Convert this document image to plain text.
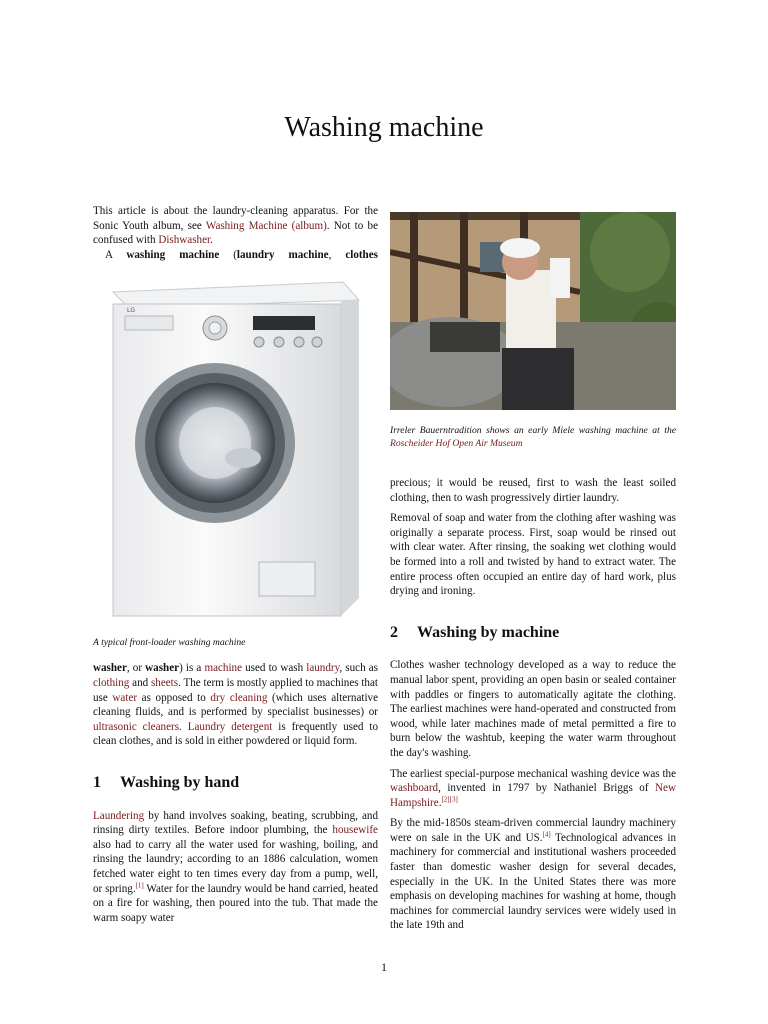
Washing machine

This article is about the laundry-cleaning apparatus. For the Sonic Youth album, see Washing Machine (album). Not to be confused with Dishwasher.

A washing machine (laundry machine, clothes

LG

A typical front-loader washing machine

washer, or washer) is a machine used to wash laundry, such as clothing and sheets. The term is mostly applied to machines that use water as opposed to dry cleaning (which uses alternative cleaning fluids, and is performed by specialist businesses) or ultrasonic cleaners. Laundry detergent is frequently used to clean clothes, and is sold in either powdered or liquid form.

1 Washing by hand

Laundering by hand involves soaking, beating, scrubbing, and rinsing dirty textiles. Before indoor plumbing, the housewife also had to carry all the water used for washing, boiling, and rinsing the laundry; according to an 1886 calculation, women fetched water eight to ten times every day from a pump, well, or spring.[1] Water for the laundry would be hand carried, heated on a fire for washing, then poured into the tub. That made the warm soapy water

Irreler Bauerntradition shows an early Miele washing machine at the Roscheider Hof Open Air Museum

precious; it would be reused, first to wash the least soiled clothing, then to wash progressively dirtier laundry.

Removal of soap and water from the clothing after washing was originally a separate process. First, soap would be rinsed out with clear water. After rinsing, the soaking wet clothing would be formed into a roll and twisted by hand to extract water. The entire process often occupied an entire day of hard work, plus drying and ironing.

2 Washing by machine

Clothes washer technology developed as a way to reduce the manual labor spent, providing an open basin or sealed container with paddles or fingers to automatically agitate the clothing. The earliest machines were hand-operated and constructed from wood, while later machines made of metal permitted a fire to burn below the washtub, keeping the water warm throughout the day's washing.

The earliest special-purpose mechanical washing device was the washboard, invented in 1797 by Nathaniel Briggs of New Hampshire.[2][3]

By the mid-1850s steam-driven commercial laundry machinery were on sale in the UK and US.[4] Technological advances in machinery for commercial and institutional washers proceeded faster than domestic washer design for several decades, especially in the UK. In the United States there was more emphasis on developing machines for washing at home, though machines for commercial laundry services were widely used in the late 19th and

1
